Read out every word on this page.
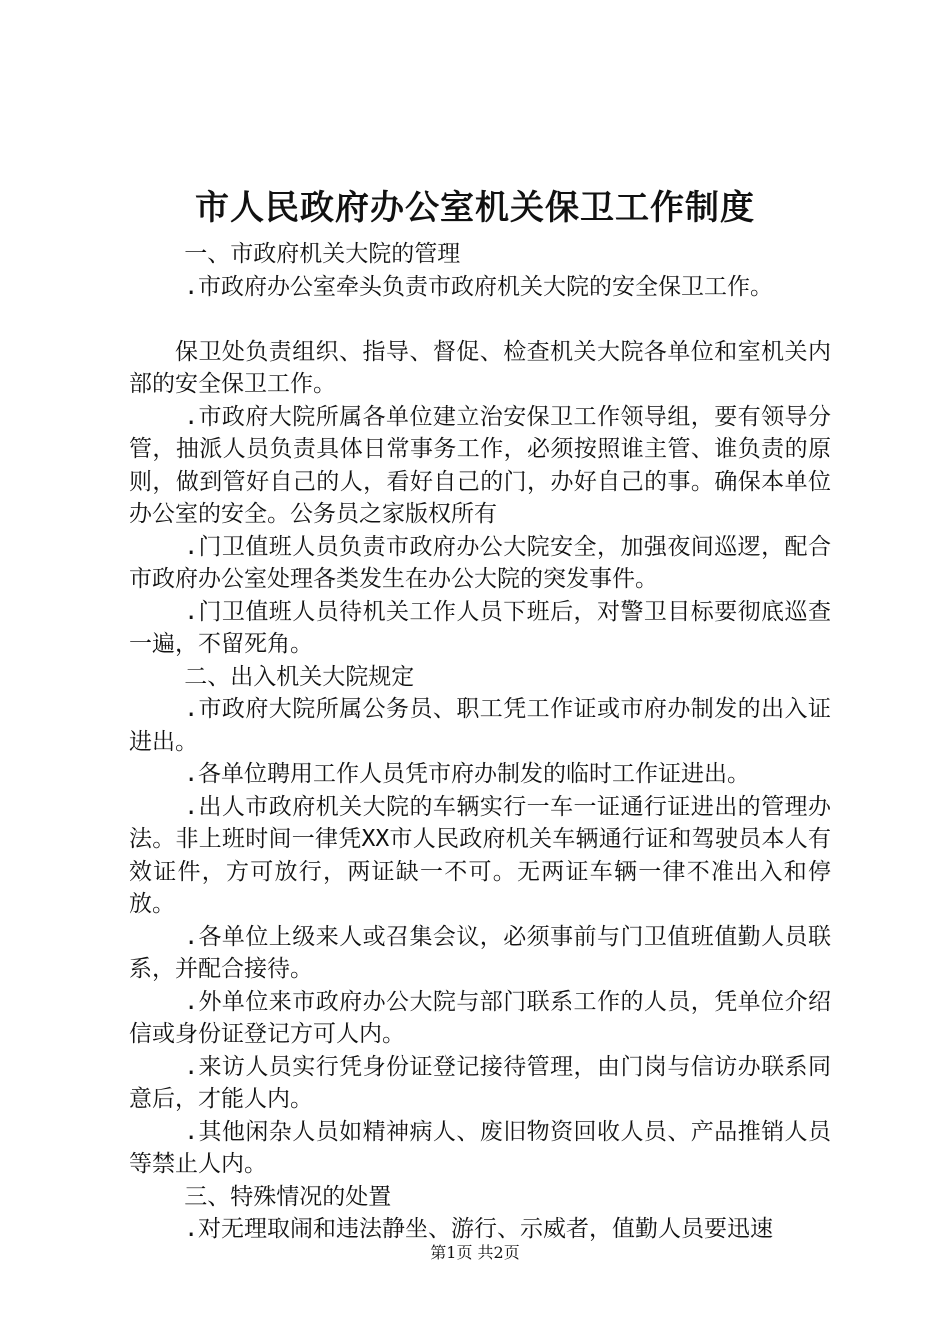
市人民政府办公室机关保卫工作制度

一、市政府机关大院的管理

.市政府办公室牵头负责市政府机关大院的安全保卫工作。

保卫处负责组织、指导、督促、检查机关大院各单位和室机关内部的安全保卫工作。

.市政府大院所属各单位建立治安保卫工作领导组，要有领导分管，抽派人员负责具体日常事务工作，必须按照谁主管、谁负责的原则，做到管好自己的人，看好自己的门，办好自己的事。确保本单位办公室的安全。公务员之家版权所有

.门卫值班人员负责市政府办公大院安全，加强夜间巡逻，配合市政府办公室处理各类发生在办公大院的突发事件。

.门卫值班人员待机关工作人员下班后，对警卫目标要彻底巡查一遍，不留死角。

二、出入机关大院规定

.市政府大院所属公务员、职工凭工作证或市府办制发的出入证进出。

.各单位聘用工作人员凭市府办制发的临时工作证进出。

.出人市政府机关大院的车辆实行一车一证通行证进出的管理办法。非上班时间一律凭XX市人民政府机关车辆通行证和驾驶员本人有效证件，方可放行，两证缺一不可。无两证车辆一律不准出入和停放。

.各单位上级来人或召集会议，必须事前与门卫值班值勤人员联系，并配合接待。

.外单位来市政府办公大院与部门联系工作的人员，凭单位介绍信或身份证登记方可人内。

.来访人员实行凭身份证登记接待管理，由门岗与信访办联系同意后，才能人内。

.其他闲杂人员如精神病人、废旧物资回收人员、产品推销人员等禁止人内。

三、特殊情况的处置

.对无理取闹和违法静坐、游行、示威者，值勤人员要迅速

第1页 共2页
